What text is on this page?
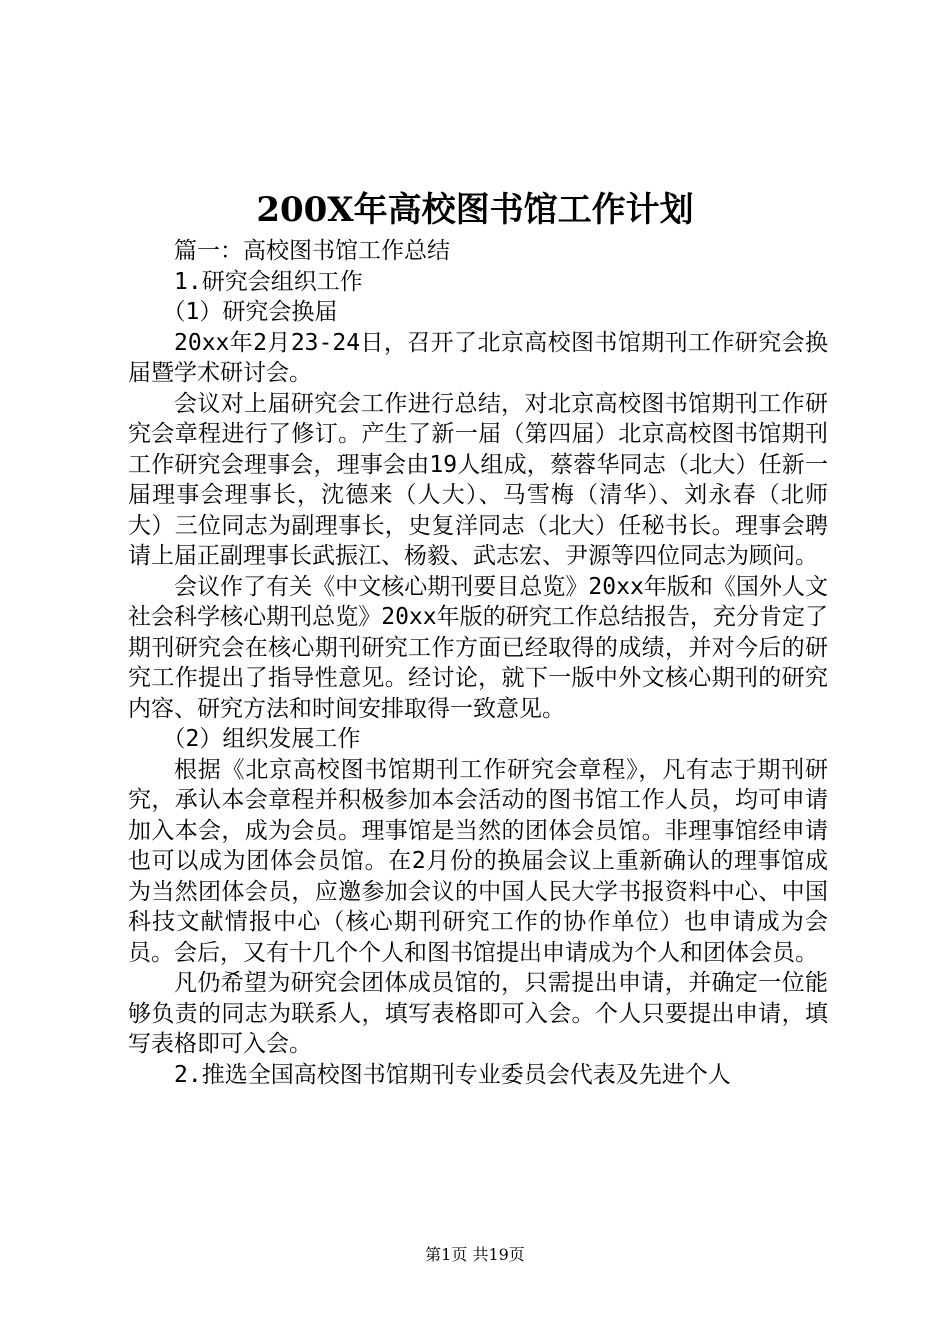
200X年高校图书馆工作计划

篇一：高校图书馆工作总结

1.研究会组织工作

（1）研究会换届

20xx年2月23-24日，召开了北京高校图书馆期刊工作研究会换届暨学术研讨会。

会议对上届研究会工作进行总结，对北京高校图书馆期刊工作研究会章程进行了修订。产生了新一届（第四届）北京高校图书馆期刊工作研究会理事会，理事会由19人组成，蔡蓉华同志（北大）任新一届理事会理事长，沈德来（人大）、马雪梅（清华）、刘永春（北师大）三位同志为副理事长，史复洋同志（北大）任秘书长。理事会聘请上届正副理事长武振江、杨毅、武志宏、尹源等四位同志为顾问。

会议作了有关《中文核心期刊要目总览》20xx年版和《国外人文社会科学核心期刊总览》20xx年版的研究工作总结报告，充分肯定了期刊研究会在核心期刊研究工作方面已经取得的成绩，并对今后的研究工作提出了指导性意见。经讨论，就下一版中外文核心期刊的研究内容、研究方法和时间安排取得一致意见。

（2）组织发展工作

根据《北京高校图书馆期刊工作研究会章程》，凡有志于期刊研究，承认本会章程并积极参加本会活动的图书馆工作人员，均可申请加入本会，成为会员。理事馆是当然的团体会员馆。非理事馆经申请也可以成为团体会员馆。在2月份的换届会议上重新确认的理事馆成为当然团体会员，应邀参加会议的中国人民大学书报资料中心、中国科技文献情报中心（核心期刊研究工作的协作单位）也申请成为会员。会后，又有十几个个人和图书馆提出申请成为个人和团体会员。

凡仍希望为研究会团体成员馆的，只需提出申请，并确定一位能够负责的同志为联系人，填写表格即可入会。个人只要提出申请，填写表格即可入会。

2.推选全国高校图书馆期刊专业委员会代表及先进个人

第1页 共19页
